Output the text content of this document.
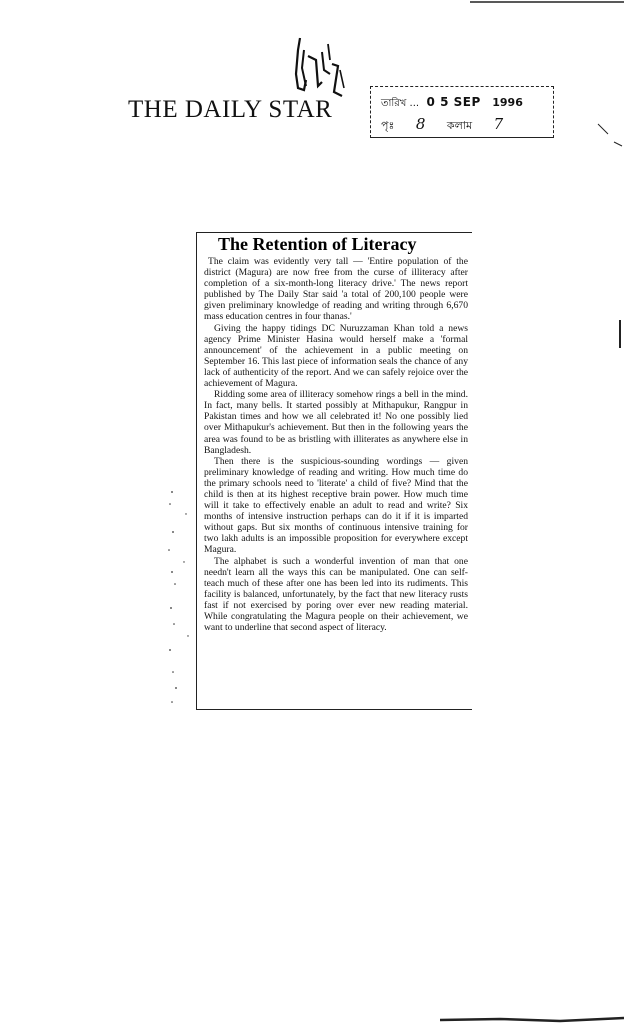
THE DAILY STAR	তারিখ ... 0 5 SEP 1996
পৃঃ 8 কলাম 7
The Retention of Literacy

The claim was evidently very tall — 'Entire population of the district (Magura) are now free from the curse of illiteracy after completion of a six-month-long literacy drive.' The news report published by The Daily Star said 'a total of 200,100 people were given preliminary knowledge of reading and writing through 6,670 mass education centres in four thanas.'

Giving the happy tidings DC Nuruzzaman Khan told a news agency Prime Minister Hasina would herself make a 'formal announcement' of the achievement in a public meeting on September 16. This last piece of information seals the chance of any lack of authenticity of the report. And we can safely rejoice over the achievement of Magura.

Ridding some area of illiteracy somehow rings a bell in the mind. In fact, many bells. It started possibly at Mithapukur, Rangpur in Pakistan times and how we all celebrated it! No one possibly lied over Mithapukur's achievement. But then in the following years the area was found to be as bristling with illiterates as anywhere else in Bangladesh.

Then there is the suspicious-sounding wordings — given preliminary knowledge of reading and writing. How much time do the primary schools need to 'literate' a child of five? Mind that the child is then at its highest receptive brain power. How much time will it take to effectively enable an adult to read and write? Six months of intensive instruction perhaps can do it if it is imparted without gaps. But six months of continuous intensive training for two lakh adults is an impossible proposition for everywhere except Magura.

The alphabet is such a wonderful invention of man that one needn't learn all the ways this can be manipulated. One can self-teach much of these after one has been led into its rudiments. This facility is balanced, unfortunately, by the fact that new literacy rusts fast if not exercised by poring over ever new reading material. While congratulating the Magura people on their achievement, we want to underline that second aspect of literacy.
